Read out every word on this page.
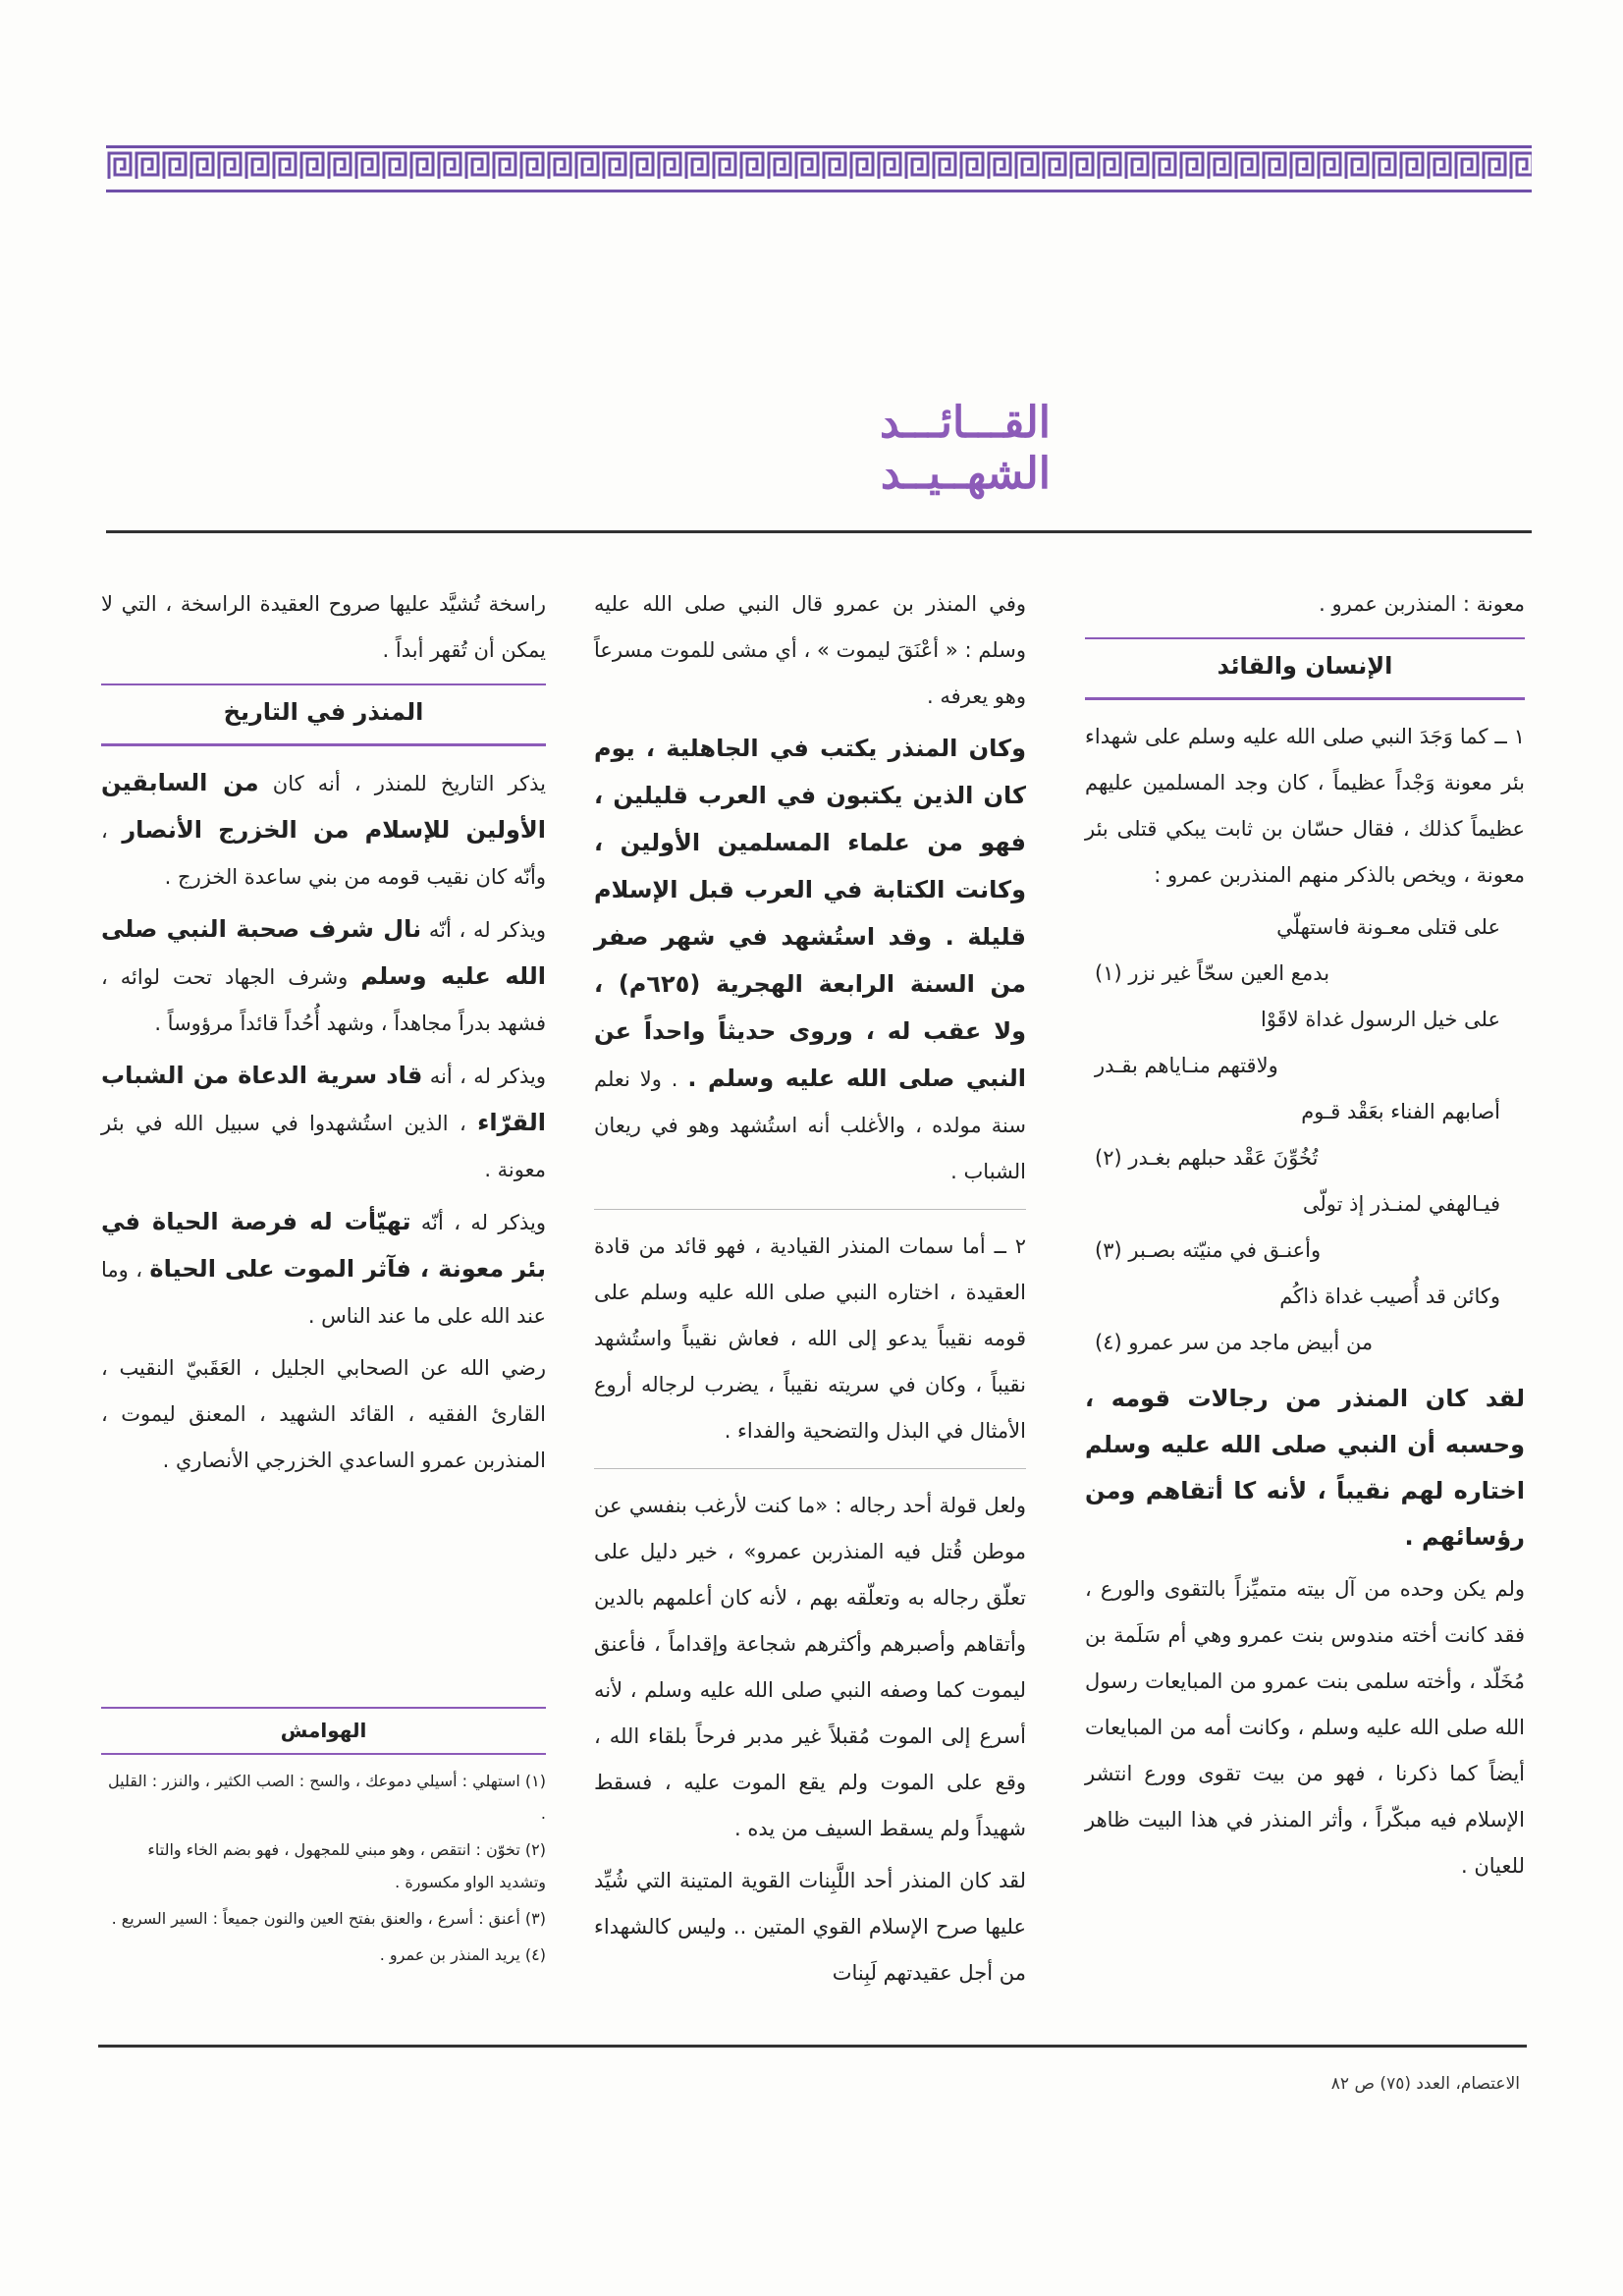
القـــائـــد
الشهــيــد

معونة : المنذربن عمرو .

الإنسان والقائد

١ ــ كما وَجَدَ النبي صلى الله عليه وسلم على شهداء بئر معونة وَجْداً عظيماً ، كان وجد المسلمين عليهم عظيماً كذلك ، فقال حسّان بن ثابت يبكي قتلى بئر معونة ، ويخص بالذكر منهم المنذربن عمرو :

على قتلى معـونة فاستهلّي
بدمع العين سحّاً غير نزر (١)
على خيل الرسول غداة لاقَوْا
ولاقتهم منـاياهم بقـدر
أصابهم الفناء بعَقْد قـوم
تُخُوِّنَ عَقْد حبلهم بغـدر (٢)
فيـالهفي لمنـذر إذ تولّى
وأعنـق في منيّته بصـبر (٣)
وكائن قد أُصيب غداة ذاكُم
من أبيض ماجد من سر عمرو (٤)

لقد كان المنذر من رجالات قومه ، وحسبه أن النبي صلى الله عليه وسلم اختاره لهم نقيباً ، لأنه كا أتقاهم ومن رؤسائهم .

ولم يكن وحده من آل بيته متميِّزاً بالتقوى والورع ، فقد كانت أخته مندوس بنت عمرو وهي أم سَلَمة بن مُخَلّد ، وأخته سلمى بنت عمرو من المبايعات رسول الله صلى الله عليه وسلم ، وكانت أمه من المبايعات أيضاً كما ذكرنا ، فهو من بيت تقوى وورع انتشر الإسلام فيه مبكّراً ، وأثر المنذر في هذا البيت ظاهر للعيان .

وفي المنذر بن عمرو قال النبي صلى الله عليه وسلم : « أعْنَقَ ليموت » ، أي مشى للموت مسرعاً وهو يعرفه .

وكان المنذر يكتب في الجاهلية ، يوم كان الذين يكتبون في العرب قليلين ، فهو من علماء المسلمين الأولين ، وكانت الكتابة في العرب قبل الإسلام قليلة . وقد استُشهد في شهر صفر من السنة الرابعة الهجرية (٦٢٥م) ، ولا عقب له ، وروى حديثاً واحداً عن النبي صلى الله عليه وسلم . . ولا نعلم سنة مولده ، والأغلب أنه استُشهد وهو في ريعان الشباب .

٢ ــ أما سمات المنذر القيادية ، فهو قائد من قادة العقيدة ، اختاره النبي صلى الله عليه وسلم على قومه نقيباً يدعو إلى الله ، فعاش نقيباً واستُشهد نقيباً ، وكان في سريته نقيباً ، يضرب لرجاله أروع الأمثال في البذل والتضحية والفداء .

ولعل قولة أحد رجاله : «ما كنت لأرغب بنفسي عن موطن قُتل فيه المنذربن عمرو» ، خير دليل على تعلّق رجاله به وتعلّقه بهم ، لأنه كان أعلمهم بالدين وأتقاهم وأصبرهم وأكثرهم شجاعة وإقداماً ، فأعنق ليموت كما وصفه النبي صلى الله عليه وسلم ، لأنه أسرع إلى الموت مُقبلاً غير مدبر فرحاً بلقاء الله ، وقع على الموت ولم يقع الموت عليه ، فسقط شهيداً ولم يسقط السيف من يده .

لقد كان المنذر أحد اللَّبِنات القوية المتينة التي شُيِّد عليها صرح الإسلام القوي المتين .. وليس كالشهداء من أجل عقيدتهم لَبِنات

راسخة تُشيَّد عليها صروح العقيدة الراسخة ، التي لا يمكن أن تُقهر أبداً .

المنذر في التاريخ

يذكر التاريخ للمنذر ، أنه كان من السابقين الأولين للإسلام من الخزرج الأنصار ، وأنّه كان نقيب قومه من بني ساعدة الخزرج .

ويذكر له ، أنّه نال شرف صحبة النبي صلى الله عليه وسلم وشرف الجهاد تحت لوائه ، فشهد بدراً مجاهداً ، وشهد أُحُداً قائداً مرؤوساً .

ويذكر له ، أنه قاد سرية الدعاة من الشباب القرّاء ، الذين استُشهدوا في سبيل الله في بئر معونة .

ويذكر له ، أنّه تهيّأت له فرصة الحياة في بئر معونة ، فآثر الموت على الحياة ، وما عند الله على ما عند الناس .

رضي الله عن الصحابي الجليل ، العَقَبيّ النقيب ، القارئ الفقيه ، القائد الشهيد ، المعنق ليموت ، المنذربن عمرو الساعدي الخزرجي الأنصاري .

الهوامش

(١) استهلي : أسيلي دموعك ، والسح : الصب الكثير ، والنزر : القليل .

(٢) تخوّن : انتقص ، وهو مبني للمجهول ، فهو بضم الخاء والتاء وتشديد الواو مكسورة .

(٣) أعنق : أسرع ، والعنق بفتح العين والنون جميعاً : السير السريع .

(٤) يريد المنذر بن عمرو .

الاعتصام، العدد (٧٥) ص ٨٢
